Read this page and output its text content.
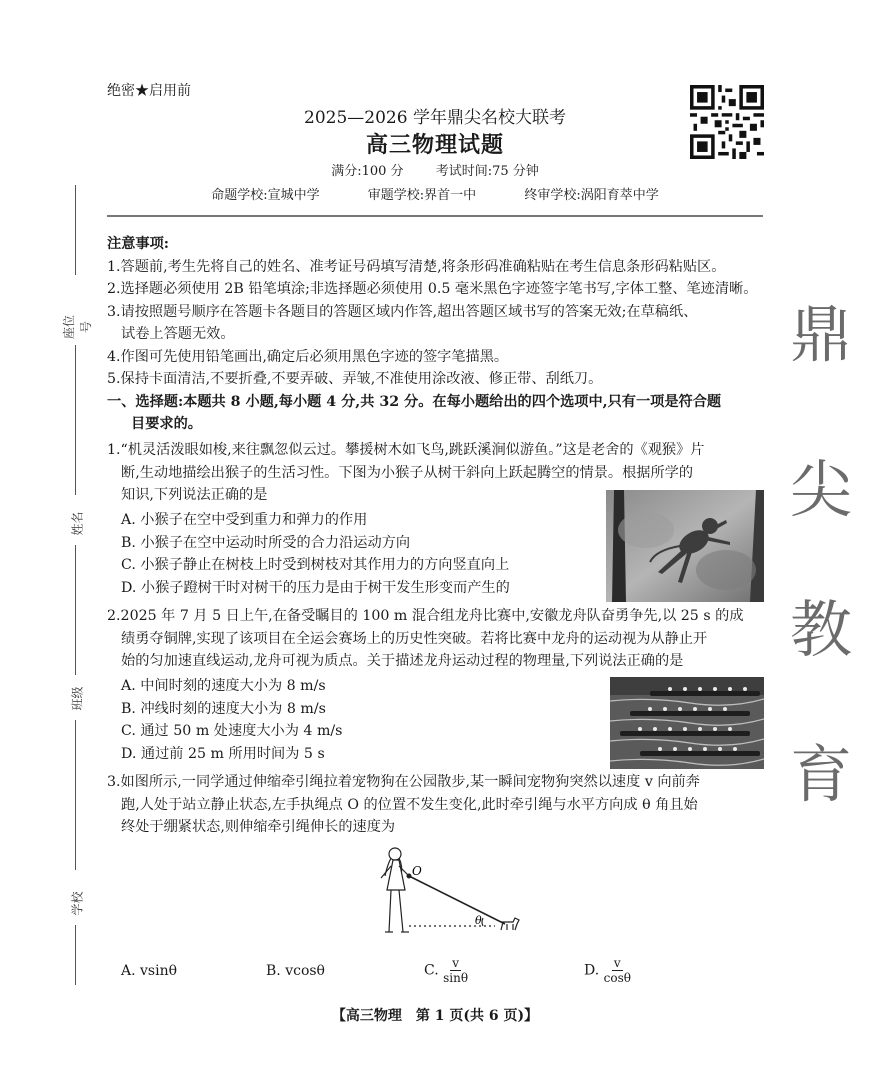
绝密★启用前
2025—2026 学年鼎尖名校大联考
高三物理试题
满分:100 分 考试时间:75 分钟
命题学校:宣城中学	审题学校:界首一中	终审学校:涡阳育萃中学
座位号
姓名
班级
学校
鼎
尖
教
育
注意事项:
1.答题前,考生先将自己的姓名、准考证号码填写清楚,将条形码准确粘贴在考生信息条形码粘贴区。
2.选择题必须使用 2B 铅笔填涂;非选择题必须使用 0.5 毫米黑色字迹签字笔书写,字体工整、笔迹清晰。
3.请按照题号顺序在答题卡各题目的答题区域内作答,超出答题区域书写的答案无效;在草稿纸、
试卷上答题无效。
4.作图可先使用铅笔画出,确定后必须用黑色字迹的签字笔描黑。
5.保持卡面清洁,不要折叠,不要弄破、弄皱,不准使用涂改液、修正带、刮纸刀。
一、选择题:本题共 8 小题,每小题 4 分,共 32 分。在每小题给出的四个选项中,只有一项是符合题
目要求的。
1.“机灵活泼眼如梭,来往飘忽似云过。攀援树木如飞鸟,跳跃溪涧似游鱼。”这是老舍的《观猴》片
断,生动地描绘出猴子的生活习性。下图为小猴子从树干斜向上跃起腾空的情景。根据所学的
知识,下列说法正确的是
A. 小猴子在空中受到重力和弹力的作用
B. 小猴子在空中运动时所受的合力沿运动方向
C. 小猴子静止在树枝上时受到树枝对其作用力的方向竖直向上
D. 小猴子蹬树干时对树干的压力是由于树干发生形变而产生的
2.2025 年 7 月 5 日上午,在备受瞩目的 100 m 混合组龙舟比赛中,安徽龙舟队奋勇争先,以 25 s 的成
绩勇夺铜牌,实现了该项目在全运会赛场上的历史性突破。若将比赛中龙舟的运动视为从静止开
始的匀加速直线运动,龙舟可视为质点。关于描述龙舟运动过程的物理量,下列说法正确的是
A. 中间时刻的速度大小为 8 m/s
B. 冲线时刻的速度大小为 8 m/s
C. 通过 50 m 处速度大小为 4 m/s
D. 通过前 25 m 所用时间为 5 s
3.如图所示,一同学通过伸缩牵引绳拉着宠物狗在公园散步,某一瞬间宠物狗突然以速度 v 向前奔
跑,人处于站立静止状态,左手执绳点 O 的位置不发生变化,此时牵引绳与水平方向成 θ 角且始
终处于绷紧状态,则伸缩牵引绳伸长的速度为
O
θ
A. vsinθ	B. vcosθ	C. $\frac{v}{\sin\theta}$	D. $\frac{v}{\cos\theta}$
【高三物理　第 1 页(共 6 页)】
